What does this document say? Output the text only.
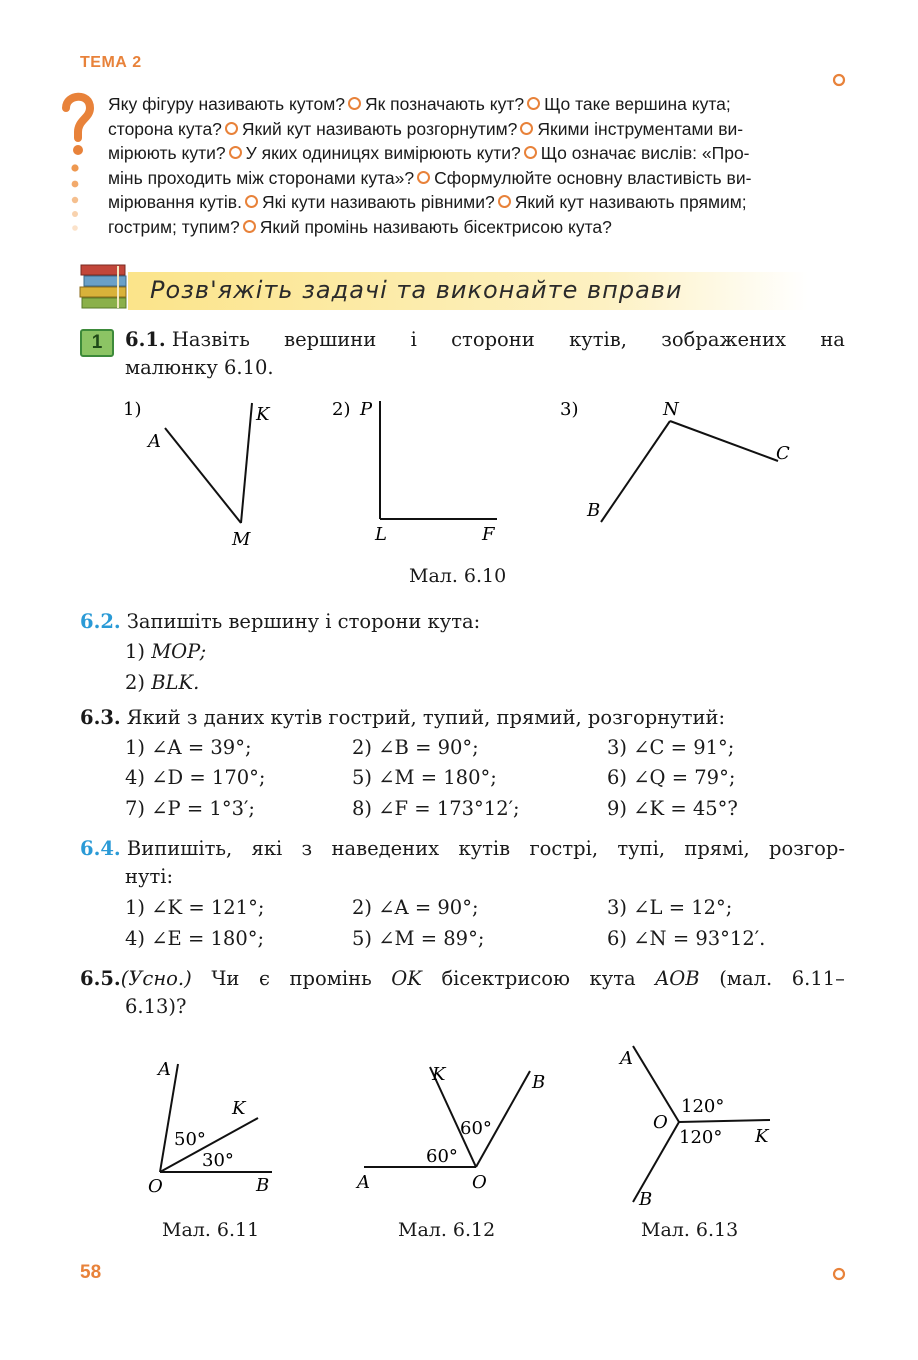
ТЕМА 2
Яку фігуру називають кутом? Як позначають кут? Що таке вершина кута;
сторона кута? Який кут називають розгорнутим? Якими інструментами ви-
мірюють кути? У яких одиницях вимірюють кути? Що означає вислів: «Про-
мінь проходить між сторонами кута»? Сформулюйте основну властивість ви-
мірювання кутів. Які кути називають рівними? Який кут називають прямим;
гострим; тупим? Який промінь називають бісектрисою кута?
Розв'яжіть задачі та виконайте вправи
1	6.1. Назвіть вершини і сторони кутів, зображених на
малюнку 6.10.
1)
A
K
M
2) P
L	F
3)	N
C
B
Мал. 6.10
6.2. Запишіть вершину і сторони кута:
1) MOP;
2) BLK.
6.3. Який з даних кутів гострий, тупий, прямий, розгорнутий:
1) ∠A = 39°;	2) ∠B = 90°;	3) ∠C = 91°;
4) ∠D = 170°;	5) ∠M = 180°;	6) ∠Q = 79°;
7) ∠P = 1°3′;	8) ∠F = 173°12′;	9) ∠K = 45°?
6.4. Випишіть, які з наведених кутів гострі, тупі, прямі, розгор-
нуті:
1) ∠K = 121°;	2) ∠A = 90°;	3) ∠L = 12°;
4) ∠E = 180°;	5) ∠M = 89°;	6) ∠N = 93°12′.
6.5.(Усно.) Чи є промінь OK бісектрисою кута AOB (мал. 6.11–
6.13)?
A
K
O	B
50°
30°
Мал. 6.11
K	B
A	O
60°
60°
Мал. 6.12
A
O
K
B
120°
120°
Мал. 6.13
58
